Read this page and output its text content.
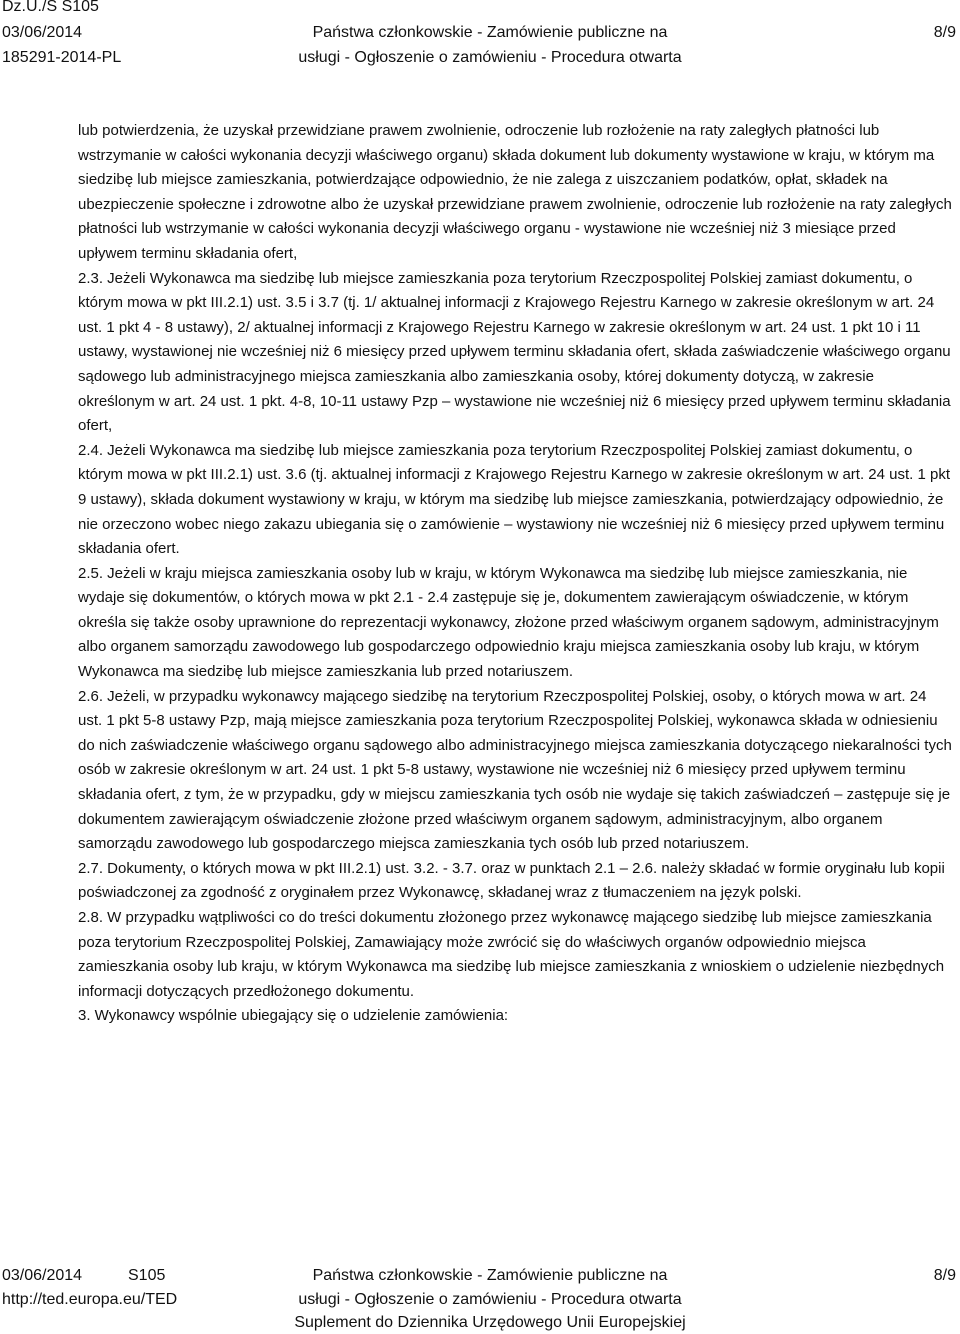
Dz.U./S S105
03/06/2014
185291-2014-PL
Państwa członkowskie - Zamówienie publiczne na
usługi - Ogłoszenie o zamówieniu - Procedura otwarta
8/9

lub potwierdzenia, że uzyskał przewidziane prawem zwolnienie, odroczenie lub rozłożenie na raty zaległych płatności lub wstrzymanie w całości wykonania decyzji właściwego organu) składa dokument lub dokumenty wystawione w kraju, w którym ma siedzibę lub miejsce zamieszkania, potwierdzające odpowiednio, że nie zalega z uiszczaniem podatków, opłat, składek na ubezpieczenie społeczne i zdrowotne albo że uzyskał przewidziane prawem zwolnienie, odroczenie lub rozłożenie na raty zaległych płatności lub wstrzymanie w całości wykonania decyzji właściwego organu - wystawione nie wcześniej niż 3 miesiące przed upływem terminu składania ofert,

2.3. Jeżeli Wykonawca ma siedzibę lub miejsce zamieszkania poza terytorium Rzeczpospolitej Polskiej zamiast dokumentu, o którym mowa w pkt III.2.1) ust. 3.5 i 3.7 (tj. 1/ aktualnej informacji z Krajowego Rejestru Karnego w zakresie określonym w art. 24 ust. 1 pkt 4 - 8 ustawy), 2/ aktualnej informacji z Krajowego Rejestru Karnego w zakresie określonym w art. 24 ust. 1 pkt 10 i 11 ustawy, wystawionej nie wcześniej niż 6 miesięcy przed upływem terminu składania ofert, składa zaświadczenie właściwego organu sądowego lub administracyjnego miejsca zamieszkania albo zamieszkania osoby, której dokumenty dotyczą, w zakresie określonym w art. 24 ust. 1 pkt. 4-8, 10-11 ustawy Pzp – wystawione nie wcześniej niż 6 miesięcy przed upływem terminu składania ofert,

2.4. Jeżeli Wykonawca ma siedzibę lub miejsce zamieszkania poza terytorium Rzeczpospolitej Polskiej zamiast dokumentu, o którym mowa w pkt III.2.1) ust. 3.6 (tj. aktualnej informacji z Krajowego Rejestru Karnego w zakresie określonym w art. 24 ust. 1 pkt 9 ustawy), składa dokument wystawiony w kraju, w którym ma siedzibę lub miejsce zamieszkania, potwierdzający odpowiednio, że nie orzeczono wobec niego zakazu ubiegania się o zamówienie – wystawiony nie wcześniej niż 6 miesięcy przed upływem terminu składania ofert.

2.5. Jeżeli w kraju miejsca zamieszkania osoby lub w kraju, w którym Wykonawca ma siedzibę lub miejsce zamieszkania, nie wydaje się dokumentów, o których mowa w pkt 2.1 - 2.4 zastępuje się je, dokumentem zawierającym oświadczenie, w którym określa się także osoby uprawnione do reprezentacji wykonawcy, złożone przed właściwym organem sądowym, administracyjnym albo organem samorządu zawodowego lub gospodarczego odpowiednio kraju miejsca zamieszkania osoby lub kraju, w którym Wykonawca ma siedzibę lub miejsce zamieszkania lub przed notariuszem.

2.6. Jeżeli, w przypadku wykonawcy mającego siedzibę na terytorium Rzeczpospolitej Polskiej, osoby, o których mowa w art. 24 ust. 1 pkt 5-8 ustawy Pzp, mają miejsce zamieszkania poza terytorium Rzeczpospolitej Polskiej, wykonawca składa w odniesieniu do nich zaświadczenie właściwego organu sądowego albo administracyjnego miejsca zamieszkania dotyczącego niekaralności tych osób w zakresie określonym w art. 24 ust. 1 pkt 5-8 ustawy, wystawione nie wcześniej niż 6 miesięcy przed upływem terminu składania ofert, z tym, że w przypadku, gdy w miejscu zamieszkania tych osób nie wydaje się takich zaświadczeń – zastępuje się je dokumentem zawierającym oświadczenie złożone przed właściwym organem sądowym, administracyjnym, albo organem samorządu zawodowego lub gospodarczego miejsca zamieszkania tych osób lub przed notariuszem.

2.7. Dokumenty, o których mowa w pkt III.2.1) ust. 3.2. - 3.7. oraz w punktach 2.1 – 2.6. należy składać w formie oryginału lub kopii poświadczonej za zgodność z oryginałem przez Wykonawcę, składanej wraz z tłumaczeniem na język polski.

2.8. W przypadku wątpliwości co do treści dokumentu złożonego przez wykonawcę mającego siedzibę lub miejsce zamieszkania poza terytorium Rzeczpospolitej Polskiej, Zamawiający może zwrócić się do właściwych organów odpowiednio miejsca zamieszkania osoby lub kraju, w którym Wykonawca ma siedzibę lub miejsce zamieszkania z wnioskiem o udzielenie niezbędnych informacji dotyczących przedłożonego dokumentu.

3. Wykonawcy wspólnie ubiegający się o udzielenie zamówienia:

03/06/2014	S105
http://ted.europa.eu/TED
Państwa członkowskie - Zamówienie publiczne na
usługi - Ogłoszenie o zamówieniu - Procedura otwarta
Suplement do Dziennika Urzędowego Unii Europejskiej
8/9
